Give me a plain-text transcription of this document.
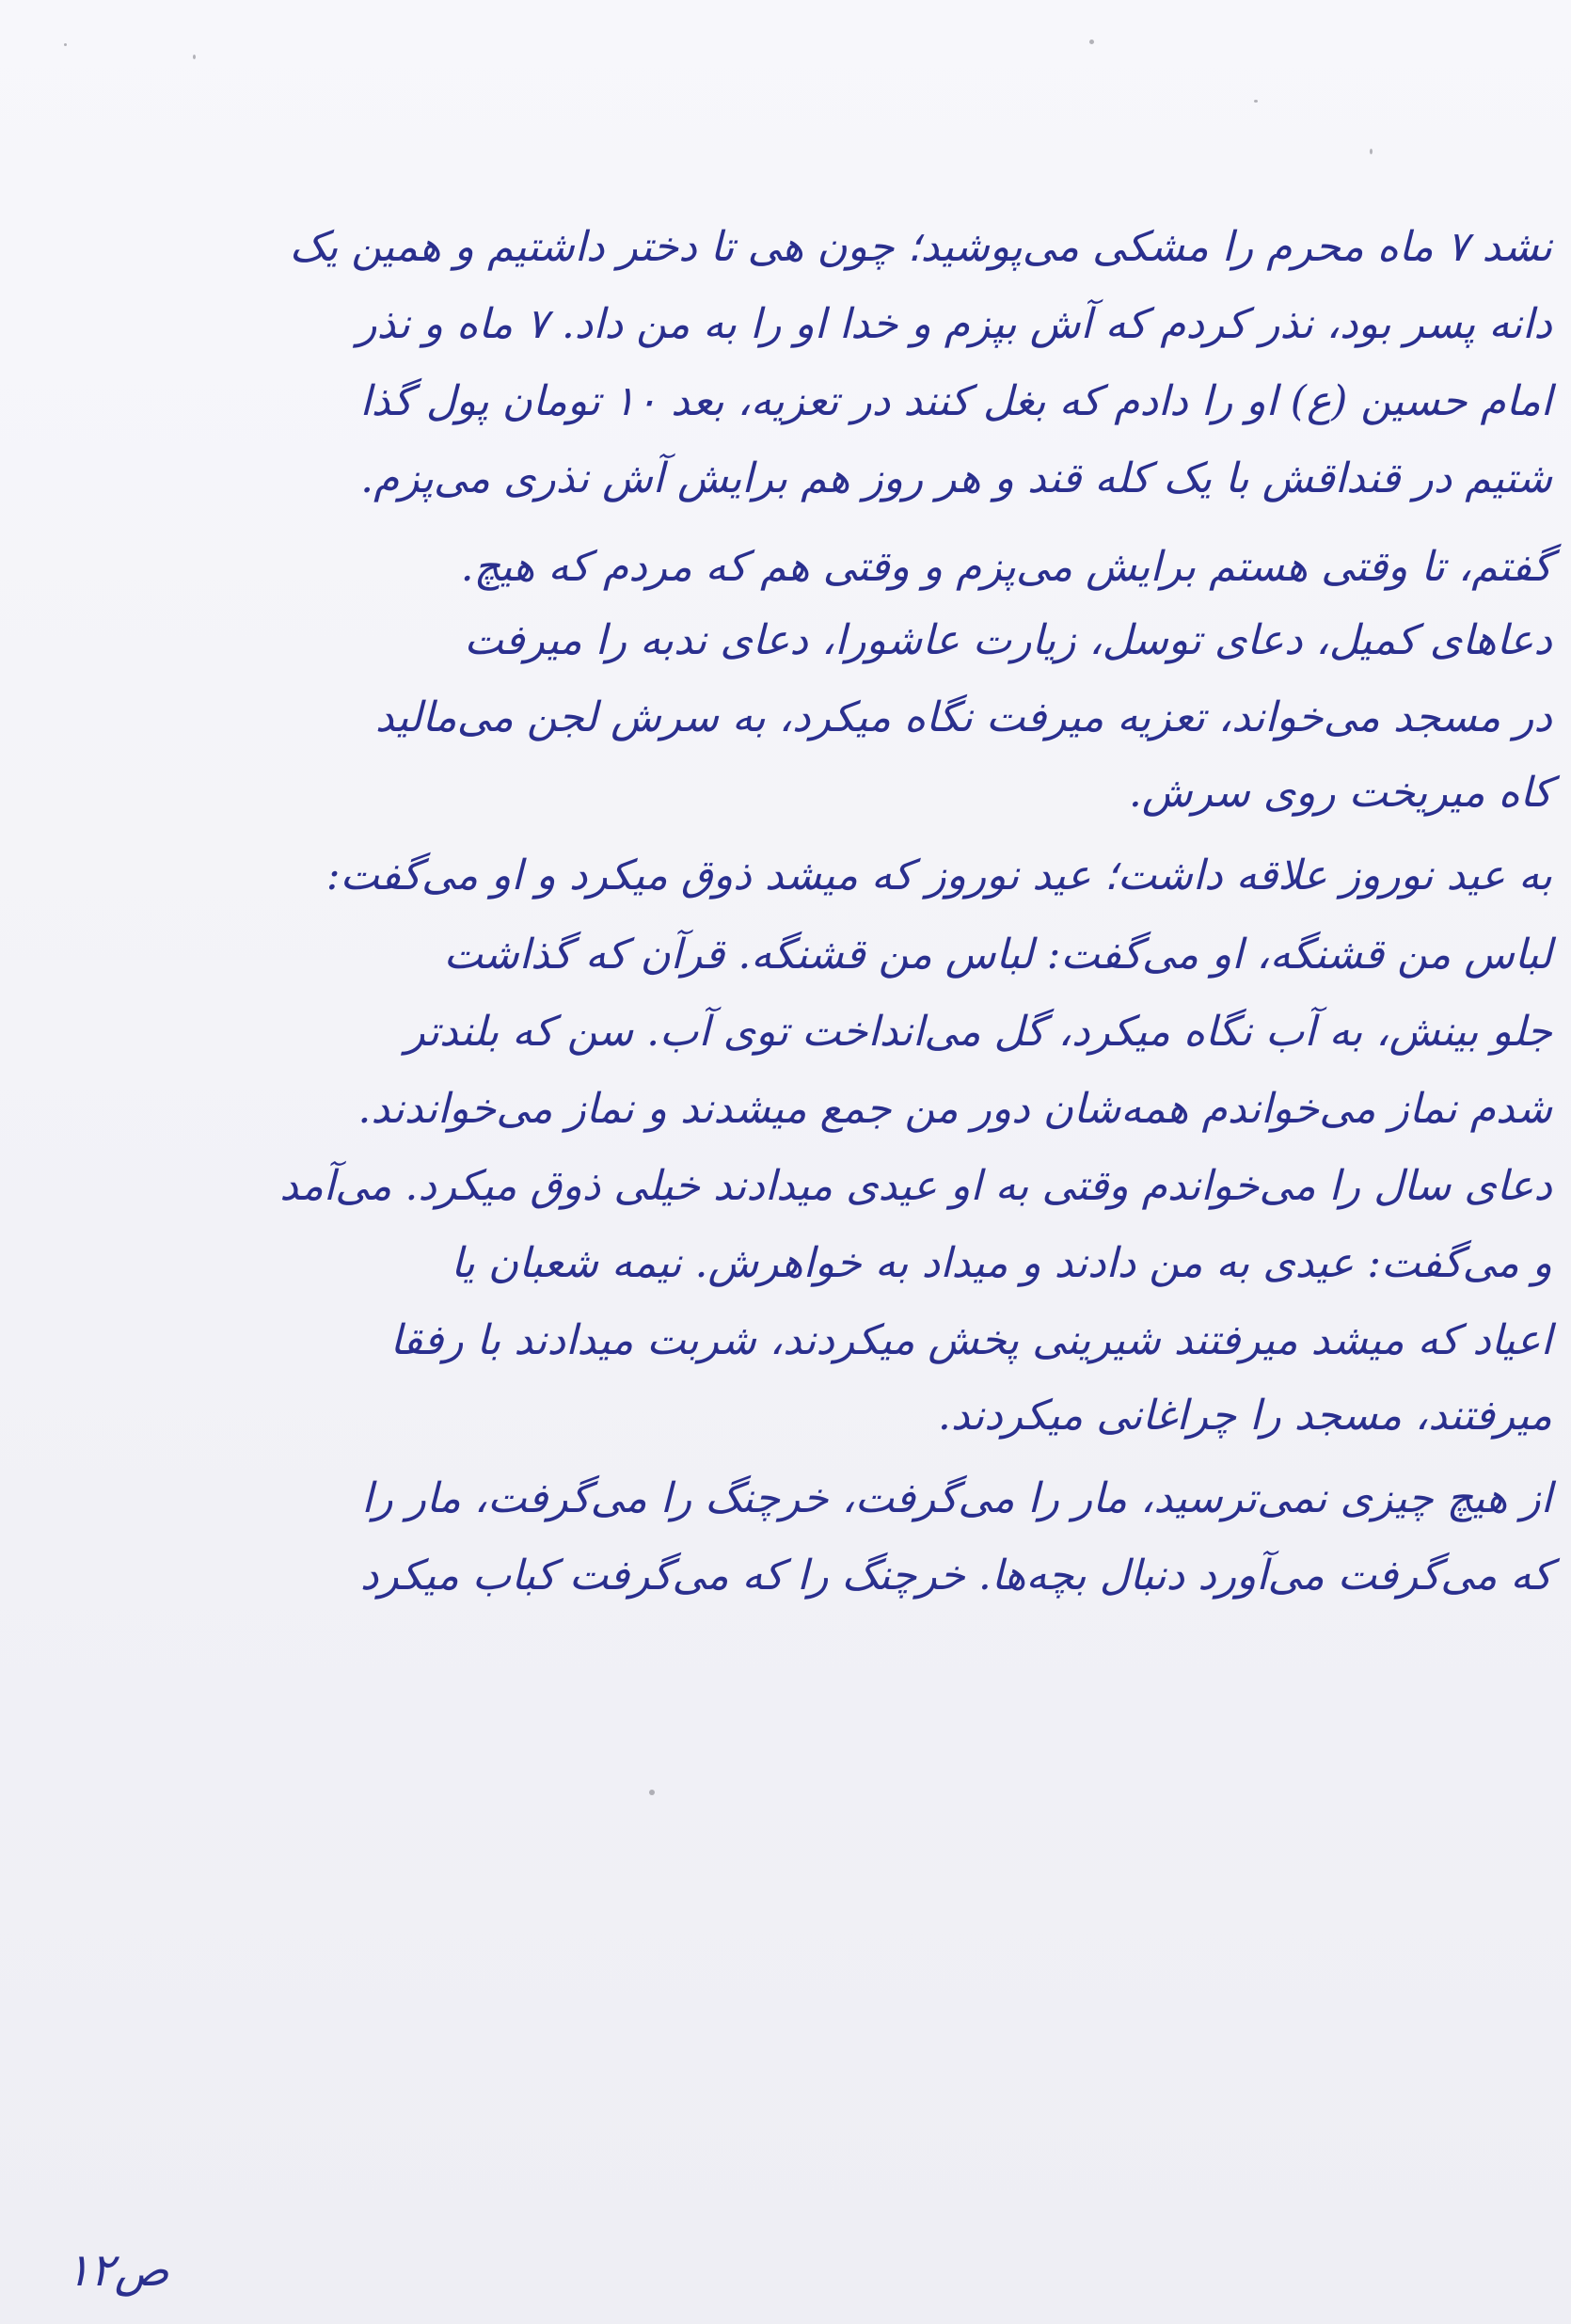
نشد ۷ ماه محرم را مشکی می‌پوشید؛ چون هی تا دختر داشتیم و همین یک
دانه پسر بود، نذر کردم که آش بپزم و خدا او را به من داد. ۷ ماه و نذر
امام حسین (ع) او را دادم که بغل کنند در تعزیه، بعد ۱۰ تومان پول گذا
شتیم در قنداقش با یک کله قند و هر روز هم برایش آش نذری می‌پزم.
گفتم، تا وقتی هستم برایش می‌پزم و وقتی هم که مردم که هیچ.
دعاهای کمیل، دعای توسل، زیارت عاشورا، دعای ندبه را میرفت
در مسجد می‌خواند، تعزیه میرفت نگاه میکرد، به سرش لجن می‌مالید
کاه میریخت روی سرش.
به عید نوروز علاقه داشت؛ عید نوروز که میشد ذوق میکرد و او می‌گفت:
لباس من قشنگه، او می‌گفت: لباس من قشنگه. قرآن که گذاشت
جلو بینش، به آب نگاه میکرد، گل می‌انداخت توی آب. سن که بلندتر
شدم نماز می‌خواندم همه‌شان دور من جمع میشدند و نماز می‌خواندند.
دعای سال را می‌خواندم وقتی به او عیدی میدادند خیلی ذوق میکرد. می‌آمد
و می‌گفت: عیدی به من دادند و میداد به خواهرش. نیمه شعبان یا
اعیاد که میشد میرفتند شیرینی پخش میکردند، شربت میدادند با رفقا
میرفتند، مسجد را چراغانی میکردند.
از هیچ چیزی نمی‌ترسید، مار را می‌گرفت، خرچنگ را می‌گرفت، مار را
که می‌گرفت می‌آورد دنبال بچه‌ها. خرچنگ را که می‌گرفت کباب میکرد
ص۱۲
